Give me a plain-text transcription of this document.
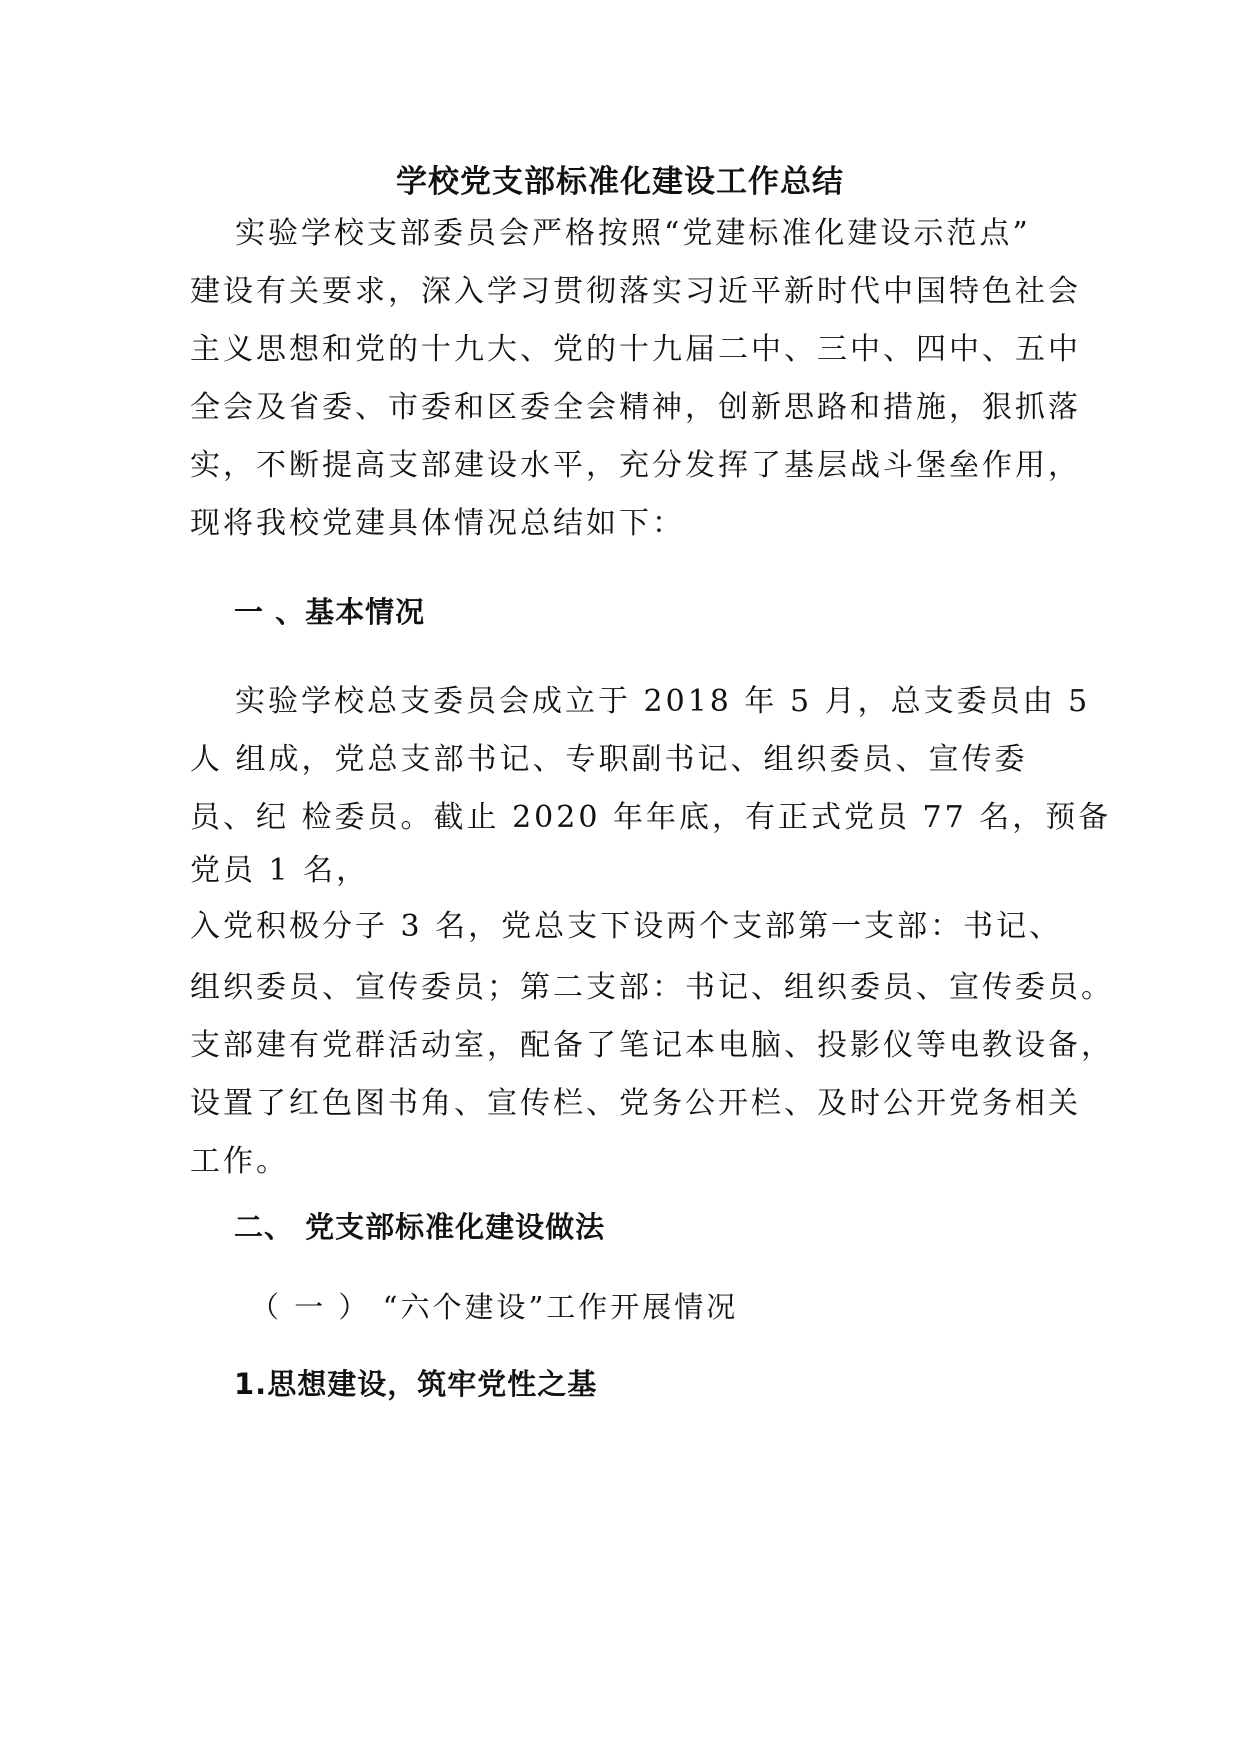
学校党支部标准化建设工作总结
实验学校支部委员会严格按照“党建标准化建设示范点”
建设有关要求，深入学习贯彻落实习近平新时代中国特色社会
主义思想和党的十九大、党的十九届二中、三中、四中、五中
全会及省委、市委和区委全会精神，创新思路和措施，狠抓落
实，不断提高支部建设水平，充分发挥了基层战斗堡垒作用，
现将我校党建具体情况总结如下：
一 、基本情况
实验学校总支委员会成立于 2018 年 5 月，总支委员由 5
人 组成，党总支部书记、专职副书记、组织委员、宣传委
员、纪 检委员。截止 2020 年年底，有正式党员 77 名，预备
党员 1 名，
入党积极分子 3 名，党总支下设两个支部第一支部：书记、
组织委员、宣传委员；第二支部：书记、组织委员、宣传委员。
支部建有党群活动室，配备了笔记本电脑、投影仪等电教设备，
设置了红色图书角、宣传栏、党务公开栏、及时公开党务相关
工作。
二、 党支部标准化建设做法
（ 一 ） “六个建设”工作开展情况
1.思想建设，筑牢党性之基
